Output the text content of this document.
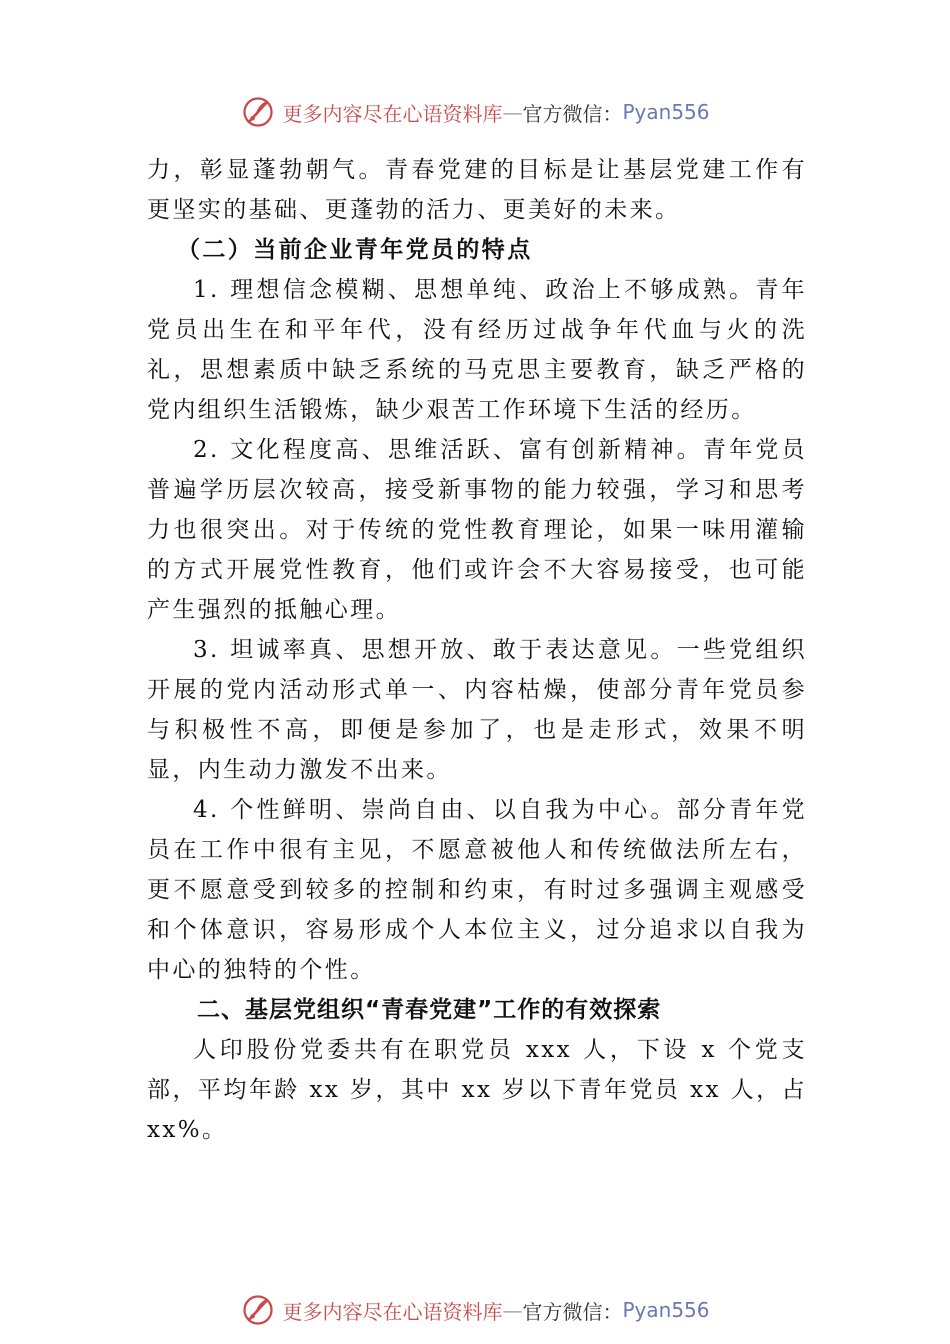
更多内容尽在心语资料库 — 官方微信： Pyan556

力，彰显蓬勃朝气。青春党建的目标是让基层党建工作有更坚实的基础、更蓬勃的活力、更美好的未来。

（二）当前企业青年党员的特点

1. 理想信念模糊、思想单纯、政治上不够成熟。青年党员出生在和平年代，没有经历过战争年代血与火的洗礼，思想素质中缺乏系统的马克思主要教育，缺乏严格的党内组织生活锻炼，缺少艰苦工作环境下生活的经历。

2. 文化程度高、思维活跃、富有创新精神。青年党员普遍学历层次较高，接受新事物的能力较强，学习和思考力也很突出。对于传统的党性教育理论，如果一味用灌输的方式开展党性教育，他们或许会不大容易接受，也可能产生强烈的抵触心理。

3. 坦诚率真、思想开放、敢于表达意见。一些党组织开展的党内活动形式单一、内容枯燥，使部分青年党员参与积极性不高，即便是参加了，也是走形式，效果不明显，内生动力激发不出来。

4. 个性鲜明、崇尚自由、以自我为中心。部分青年党员在工作中很有主见，不愿意被他人和传统做法所左右，更不愿意受到较多的控制和约束，有时过多强调主观感受和个体意识，容易形成个人本位主义，过分追求以自我为中心的独特的个性。

二、基层党组织“青春党建”工作的有效探索

人印股份党委共有在职党员 xxx 人，下设 x 个党支部，平均年龄 xx 岁，其中 xx 岁以下青年党员 xx 人，占 xx%。

更多内容尽在心语资料库 — 官方微信： Pyan556
